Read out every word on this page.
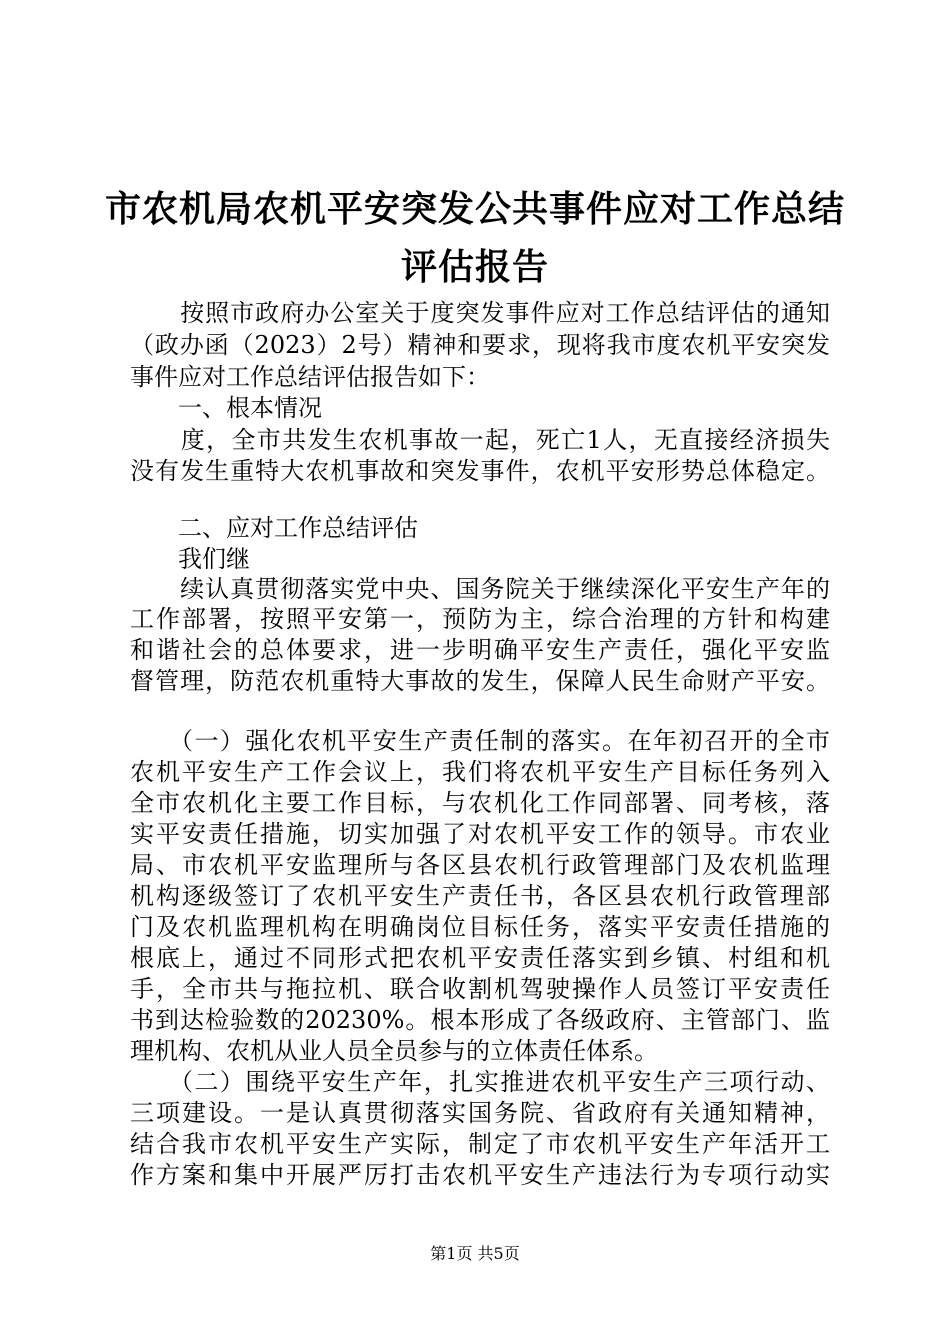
市农机局农机平安突发公共事件应对工作总结
评估报告
　　按照市政府办公室关于度突发事件应对工作总结评估的通知
（政办函（2023）2号）精神和要求，现将我市度农机平安突发
事件应对工作总结评估报告如下：
　　一、根本情况
　　度，全市共发生农机事故一起，死亡1人，无直接经济损失
没有发生重特大农机事故和突发事件，农机平安形势总体稳定。
　　二、应对工作总结评估
　　我们继
　　续认真贯彻落实党中央、国务院关于继续深化平安生产年的
工作部署，按照平安第一，预防为主，综合治理的方针和构建
和谐社会的总体要求，进一步明确平安生产责任，强化平安监
督管理，防范农机重特大事故的发生，保障人民生命财产平安。
　　（一）强化农机平安生产责任制的落实。在年初召开的全市
农机平安生产工作会议上，我们将农机平安生产目标任务列入
全市农机化主要工作目标，与农机化工作同部署、同考核，落
实平安责任措施，切实加强了对农机平安工作的领导。市农业
局、市农机平安监理所与各区县农机行政管理部门及农机监理
机构逐级签订了农机平安生产责任书，各区县农机行政管理部
门及农机监理机构在明确岗位目标任务，落实平安责任措施的
根底上，通过不同形式把农机平安责任落实到乡镇、村组和机
手，全市共与拖拉机、联合收割机驾驶操作人员签订平安责任
书到达检验数的20230%。根本形成了各级政府、主管部门、监
理机构、农机从业人员全员参与的立体责任体系。
　　（二）围绕平安生产年，扎实推进农机平安生产三项行动、
三项建设。一是认真贯彻落实国务院、省政府有关通知精神，
结合我市农机平安生产实际，制定了市农机平安生产年活开工
作方案和集中开展严厉打击农机平安生产违法行为专项行动实
第1页 共5页
